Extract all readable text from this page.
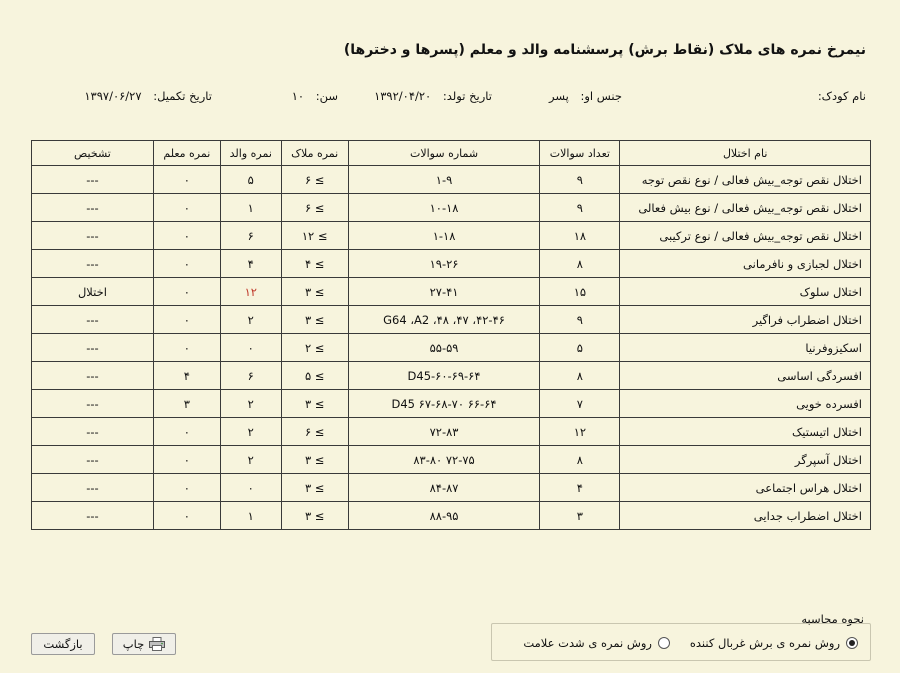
نیمرخ نمره های ملاک (نقاط برش) پرسشنامه والد و معلم (پسرها و دخترها)
نام کودک:
جنس او: پسر
تاریخ تولد: ۱۳۹۲/۰۴/۲۰
سن: ۱۰
تاریخ تکمیل: ۱۳۹۷/۰۶/۲۷
نام اختلال	تعداد سوالات	شماره سوالات	نمره ملاک	نمره والد	نمره معلم	تشخیص
اختلال نقص توجه_بیش فعالی / نوع نقص توجه	۹	۱-۹	≥ ۶	۵	۰	---
اختلال نقص توجه_بیش فعالی / نوع بیش فعالی	۹	۱۰-۱۸	≥ ۶	۱	۰	---
اختلال نقص توجه_بیش فعالی / نوع ترکیبی	۱۸	۱-۱۸	≥ ۱۲	۶	۰	---
اختلال لجبازی و نافرمانی	۸	۱۹-۲۶	≥ ۴	۴	۰	---
اختلال سلوک	۱۵	۲۷-۴۱	≥ ۳	۱۲	۰	اختلال
اختلال اضطراب فراگیر	۹	۴۲-۴۶، ۴۷، ۴۸، G64 ،A2	≥ ۳	۲	۰	---
اسکیزوفرنیا	۵	۵۵-۵۹	≥ ۲	۰	۰	---
افسردگی اساسی	۸	۶۰-۶۹-۶۴-D45	≥ ۵	۶	۴	---
افسرده خویی	۷	۶۶-۶۴ ۶۷-۶۸-۷۰ D45	≥ ۳	۲	۳	---
اختلال اتیستیک	۱۲	۷۲-۸۳	≥ ۶	۲	۰	---
اختلال آسپرگر	۸	۷۲-۷۵ ۸۳-۸۰	≥ ۳	۲	۰	---
اختلال هراس اجتماعی	۴	۸۴-۸۷	≥ ۳	۰	۰	---
اختلال اضطراب جدایی	۳	۸۸-۹۵	≥ ۳	۱	۰	---
نحوه محاسبه
روش نمره ی برش غربال کننده
روش نمره ی شدت علامت
چاپ
بازگشت
